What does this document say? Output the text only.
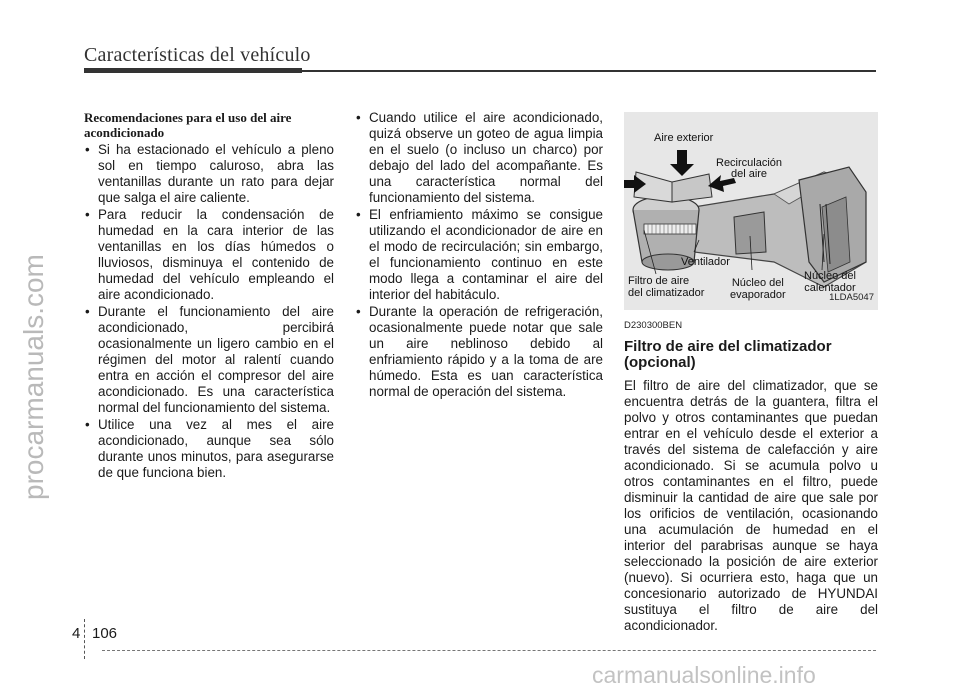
Características del vehículo
procarmanuals.com
Recomendaciones para el uso del aire acondicionado
• Si ha estacionado el vehículo a pleno sol en tiempo caluroso, abra las ventanillas durante un rato para dejar que salga el aire caliente.
• Para reducir la condensación de humedad en la cara interior de las ventanillas en los días húmedos o lluviosos, disminuya el contenido de humedad del vehículo empleando el aire acondicionado.
• Durante el funcionamiento del aire acondicionado, percibirá ocasionalmente un ligero cambio en el régimen del motor al ralentí cuando entra en acción el compresor del aire acondicionado. Es una característica normal del funcionamiento del sistema.
• Utilice una vez al mes el aire acondicionado, aunque sea sólo durante unos minutos, para asegurarse de que funciona bien.
• Cuando utilice el aire acondicionado, quizá observe un goteo de agua limpia en el suelo (o incluso un charco) por debajo del lado del acompañante. Es una característica normal del funcionamiento del sistema.
• El enfriamiento máximo se consigue utilizando el acondicionador de aire en el modo de recirculación; sin embargo, el funcionamiento continuo en este modo llega a contaminar el aire del interior del habitáculo.
• Durante la operación de refrigeración, ocasionalmente puede notar que sale un aire neblinoso debido al enfriamiento rápido y a la toma de are húmedo. Esta es uan característica normal de operación del sistema.
Aire exterior
Recirculación
del aire
Ventilador
Filtro de aire
del climatizador
Núcleo del
evaporador
Núcleo del
calentador
1LDA5047
D230300BEN
Filtro de aire del climatizador (opcional)

El filtro de aire del climatizador, que se encuentra detrás de la guantera, filtra el polvo y otros contaminantes que puedan entrar en el vehículo desde el exterior a través del sistema de calefacción y aire acondicionado. Si se acumula polvo u otros contaminantes en el filtro, puede disminuir la cantidad de aire que sale por los orificios de ventilación, ocasionando una acumulación de humedad en el interior del parabrisas aunque se haya seleccionado la posición de aire exterior (nuevo). Si ocurriera esto, haga que un concesionario autorizado de HYUNDAI sustituya el filtro de aire del acondicionador.

4 106
carmanualsonline.info
